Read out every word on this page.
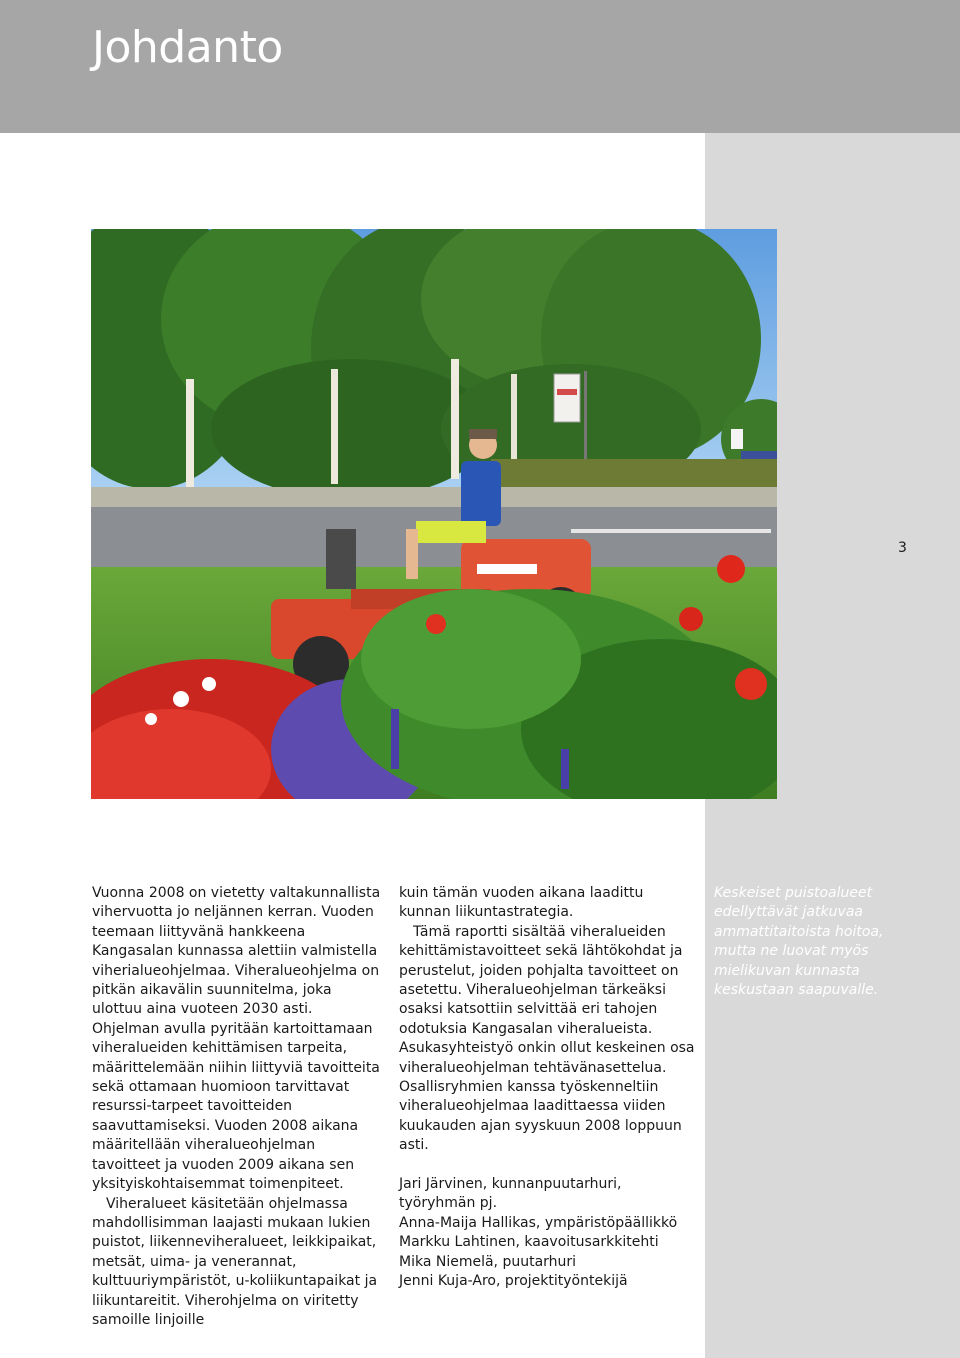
Johdanto
3

Vuonna 2008 on vietetty valtakunnallista vihervuotta jo neljännen kerran. Vuoden teemaan liittyvänä hankkeena Kangasalan kunnassa alettiin valmistella viherialueohjelmaa. Viheralueohjelma on pitkän aikavälin suunnitelma, joka ulottuu aina vuoteen 2030 asti. Ohjelman avulla pyritään kartoittamaan viheralueiden kehittämisen tarpeita, määrittelemään niihin liittyviä tavoitteita sekä ottamaan huomioon tarvittavat resurssi-tarpeet tavoitteiden saavuttamiseksi. Vuoden 2008 aikana määritellään viheralueohjelman tavoitteet ja vuoden 2009 aikana sen yksityiskohtaisemmat toimenpiteet.

Viheralueet käsitetään ohjelmassa mahdollisimman laajasti mukaan lukien puistot, liikenneviheralueet, leikkipaikat, metsät, uima- ja venerannat, kulttuuriympäristöt, u-koliikuntapaikat ja liikuntareitit. Viherohjelma on viritetty samoille linjoille

kuin tämän vuoden aikana laadittu kunnan liikuntastrategia.

Tämä raportti sisältää viheralueiden kehittämistavoitteet sekä lähtökohdat ja perustelut, joiden pohjalta tavoitteet on asetettu. Viheralueohjelman tärkeäksi osaksi katsottiin selvittää eri tahojen odotuksia Kangasalan viheralueista. Asukasyhteistyö onkin ollut keskeinen osa viheralueohjelman tehtävänasettelua. Osallisryhmien kanssa työskenneltiin viheralueohjelmaa laadittaessa viiden kuukauden ajan syyskuun 2008 loppuun asti.

Jari Järvinen, kunnanpuutarhuri, työryhmän pj.

Anna-Maija Hallikas, ympäristöpäällikkö

Markku Lahtinen, kaavoitusarkkitehti

Mika Niemelä, puutarhuri

Jenni Kuja-Aro, projektityöntekijä

Keskeiset puistoalueet edellyttävät jatkuvaa ammattitaitoista hoitoa, mutta ne luovat myös mielikuvan kunnasta keskustaan saapuvalle.
